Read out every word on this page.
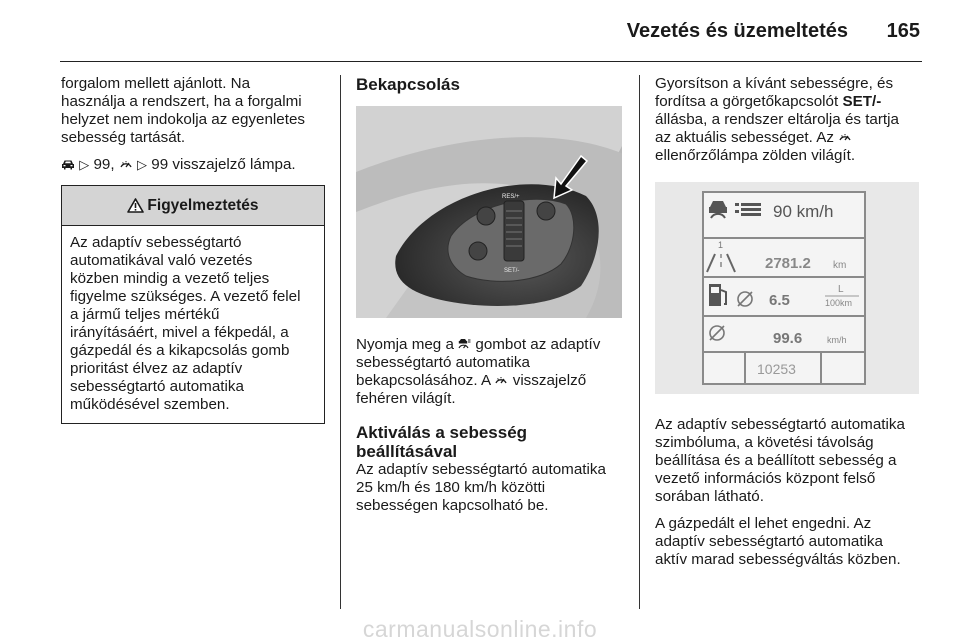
Vezetés és üzemeltetés 165

forgalom mellett ajánlott. Na
használja a rendszert, ha a forgalmi
helyzet nem indokolja az egyenletes
sebesség tartását.

▷ 99,  ▷ 99 visszajelző lámpa.

Figyelmeztetés
Az adaptív sebességtartó
automatikával való vezetés
közben mindig a vezető teljes
figyelme szükséges. A vezető felel
a jármű teljes mértékű
irányításáért, mivel a fékpedál, a
gázpedál és a kikapcsolás gomb
prioritást élvez az adaptív
sebességtartó automatika
működésével szemben.
Bekapcsolás
RES/+
SET/-

Nyomja meg a  gombot az adaptív
sebességtartó automatika
bekapcsolásához. A  visszajelző
fehéren világít.

Aktiválás a sebesség
beállításával

Az adaptív sebességtartó automatika
25 km/h és 180 km/h közötti
sebességen kapcsolható be.

Gyorsítson a kívánt sebességre, és
fordítsa a görgetőkapcsolót SET/-
állásba, a rendszer eltárolja és tartja
az aktuális sebességet. Az
ellenőrzőlámpa zölden világít.

90 km/h
1
2781.2 km
6.5
L
100km
99.6	km/h
10253

Az adaptív sebességtartó automatika
szimbóluma, a követési távolság
beállítása és a beállított sebesség a
vezető információs központ felső
sorában látható.

A gázpedált el lehet engedni. Az
adaptív sebességtartó automatika
aktív marad sebességváltás közben.

carmanualsonline.info
